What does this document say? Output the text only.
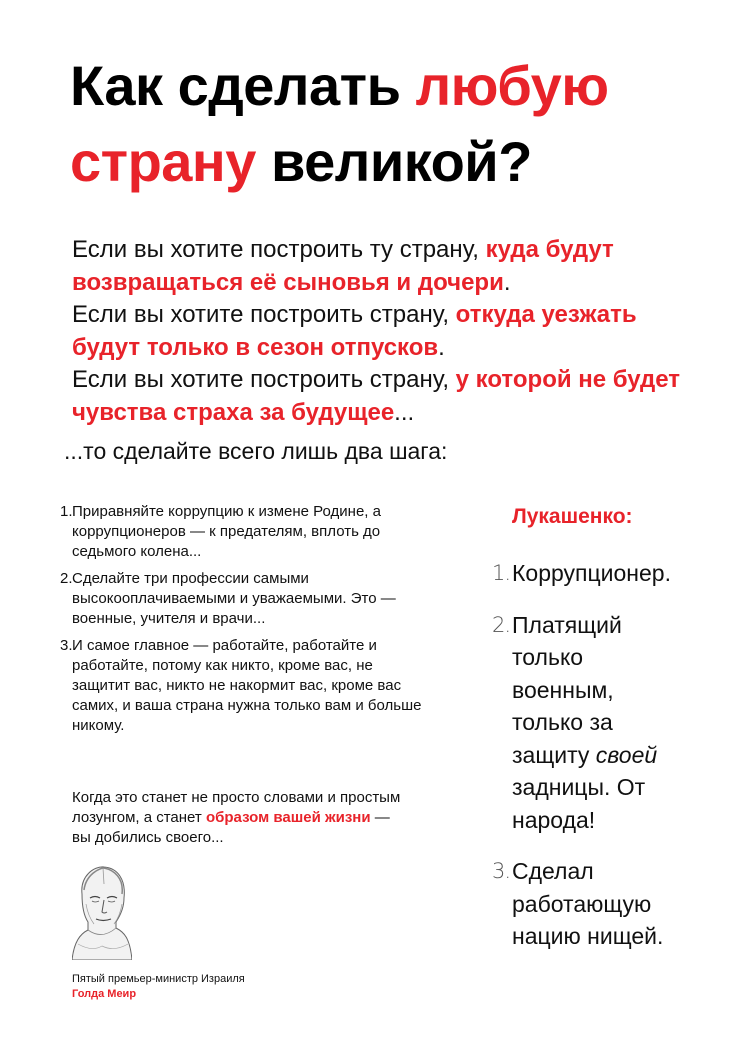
Как сделать любую
страну великой?
Если вы хотите построить ту страну, куда будут возвращаться её сыновья и дочери.
Если вы хотите построить страну, откуда уезжать будут только в сезон отпусков.
Если вы хотите построить страну, у которой не будет чувства страха за будущее...
...то сделайте всего лишь два шага:
1. Приравняйте коррупцию к измене Родине, а коррупционеров — к предателям, вплоть до седьмого колена...
2. Сделайте три профессии самыми высокооплачиваемыми и уважаемыми. Это — военные, учителя и врачи...
3. И самое главное — работайте, работайте и работайте, потому как никто, кроме вас, не защитит вас, никто не накормит вас, кроме вас самих, и ваша страна нужна только вам и больше никому.
Когда это станет не просто словами и простым лозунгом, а станет образом вашей жизни — вы добились своего...
Пятый премьер-министр Израиля
Голда Меир
Лукашенко:
1. Коррупционер.
2. Платящий только военным, только за защиту своей задницы. От народа!
3. Сделал работающую нацию нищей.
